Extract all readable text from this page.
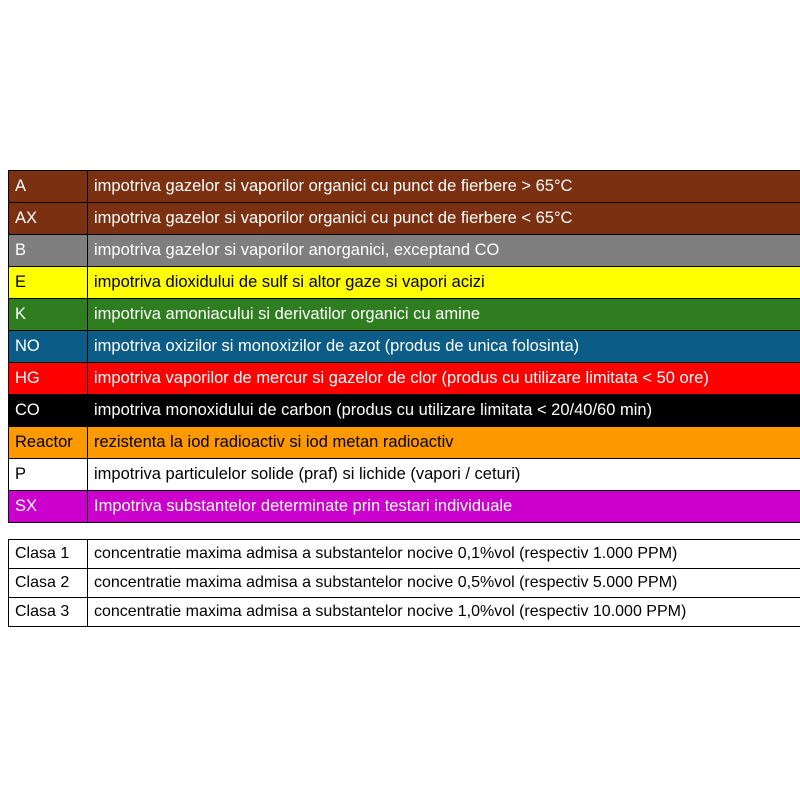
A	impotriva gazelor si vaporilor organici cu punct de fierbere > 65°C
AX	impotriva gazelor si vaporilor organici cu punct de fierbere < 65°C
B	impotriva gazelor si vaporilor anorganici, exceptand CO
E	impotriva dioxidului de sulf si altor gaze si vapori acizi
K	impotriva amoniacului si derivatilor organici cu amine
NO	impotriva oxizilor si monoxizilor de azot (produs de unica folosinta)
HG	impotriva vaporilor de mercur si gazelor de clor (produs cu utilizare limitata < 50 ore)
CO	impotriva monoxidului de carbon (produs cu utilizare limitata < 20/40/60 min)
Reactor	rezistenta la iod radioactiv si iod metan radioactiv
P	impotriva particulelor solide (praf) si lichide (vapori / ceturi)
SX	Impotriva substantelor determinate prin testari individuale
Clasa 1	concentratie maxima admisa a substantelor nocive 0,1%vol (respectiv 1.000 PPM)
Clasa 2	concentratie maxima admisa a substantelor nocive 0,5%vol (respectiv 5.000 PPM)
Clasa 3	concentratie maxima admisa a substantelor nocive 1,0%vol (respectiv 10.000 PPM)
